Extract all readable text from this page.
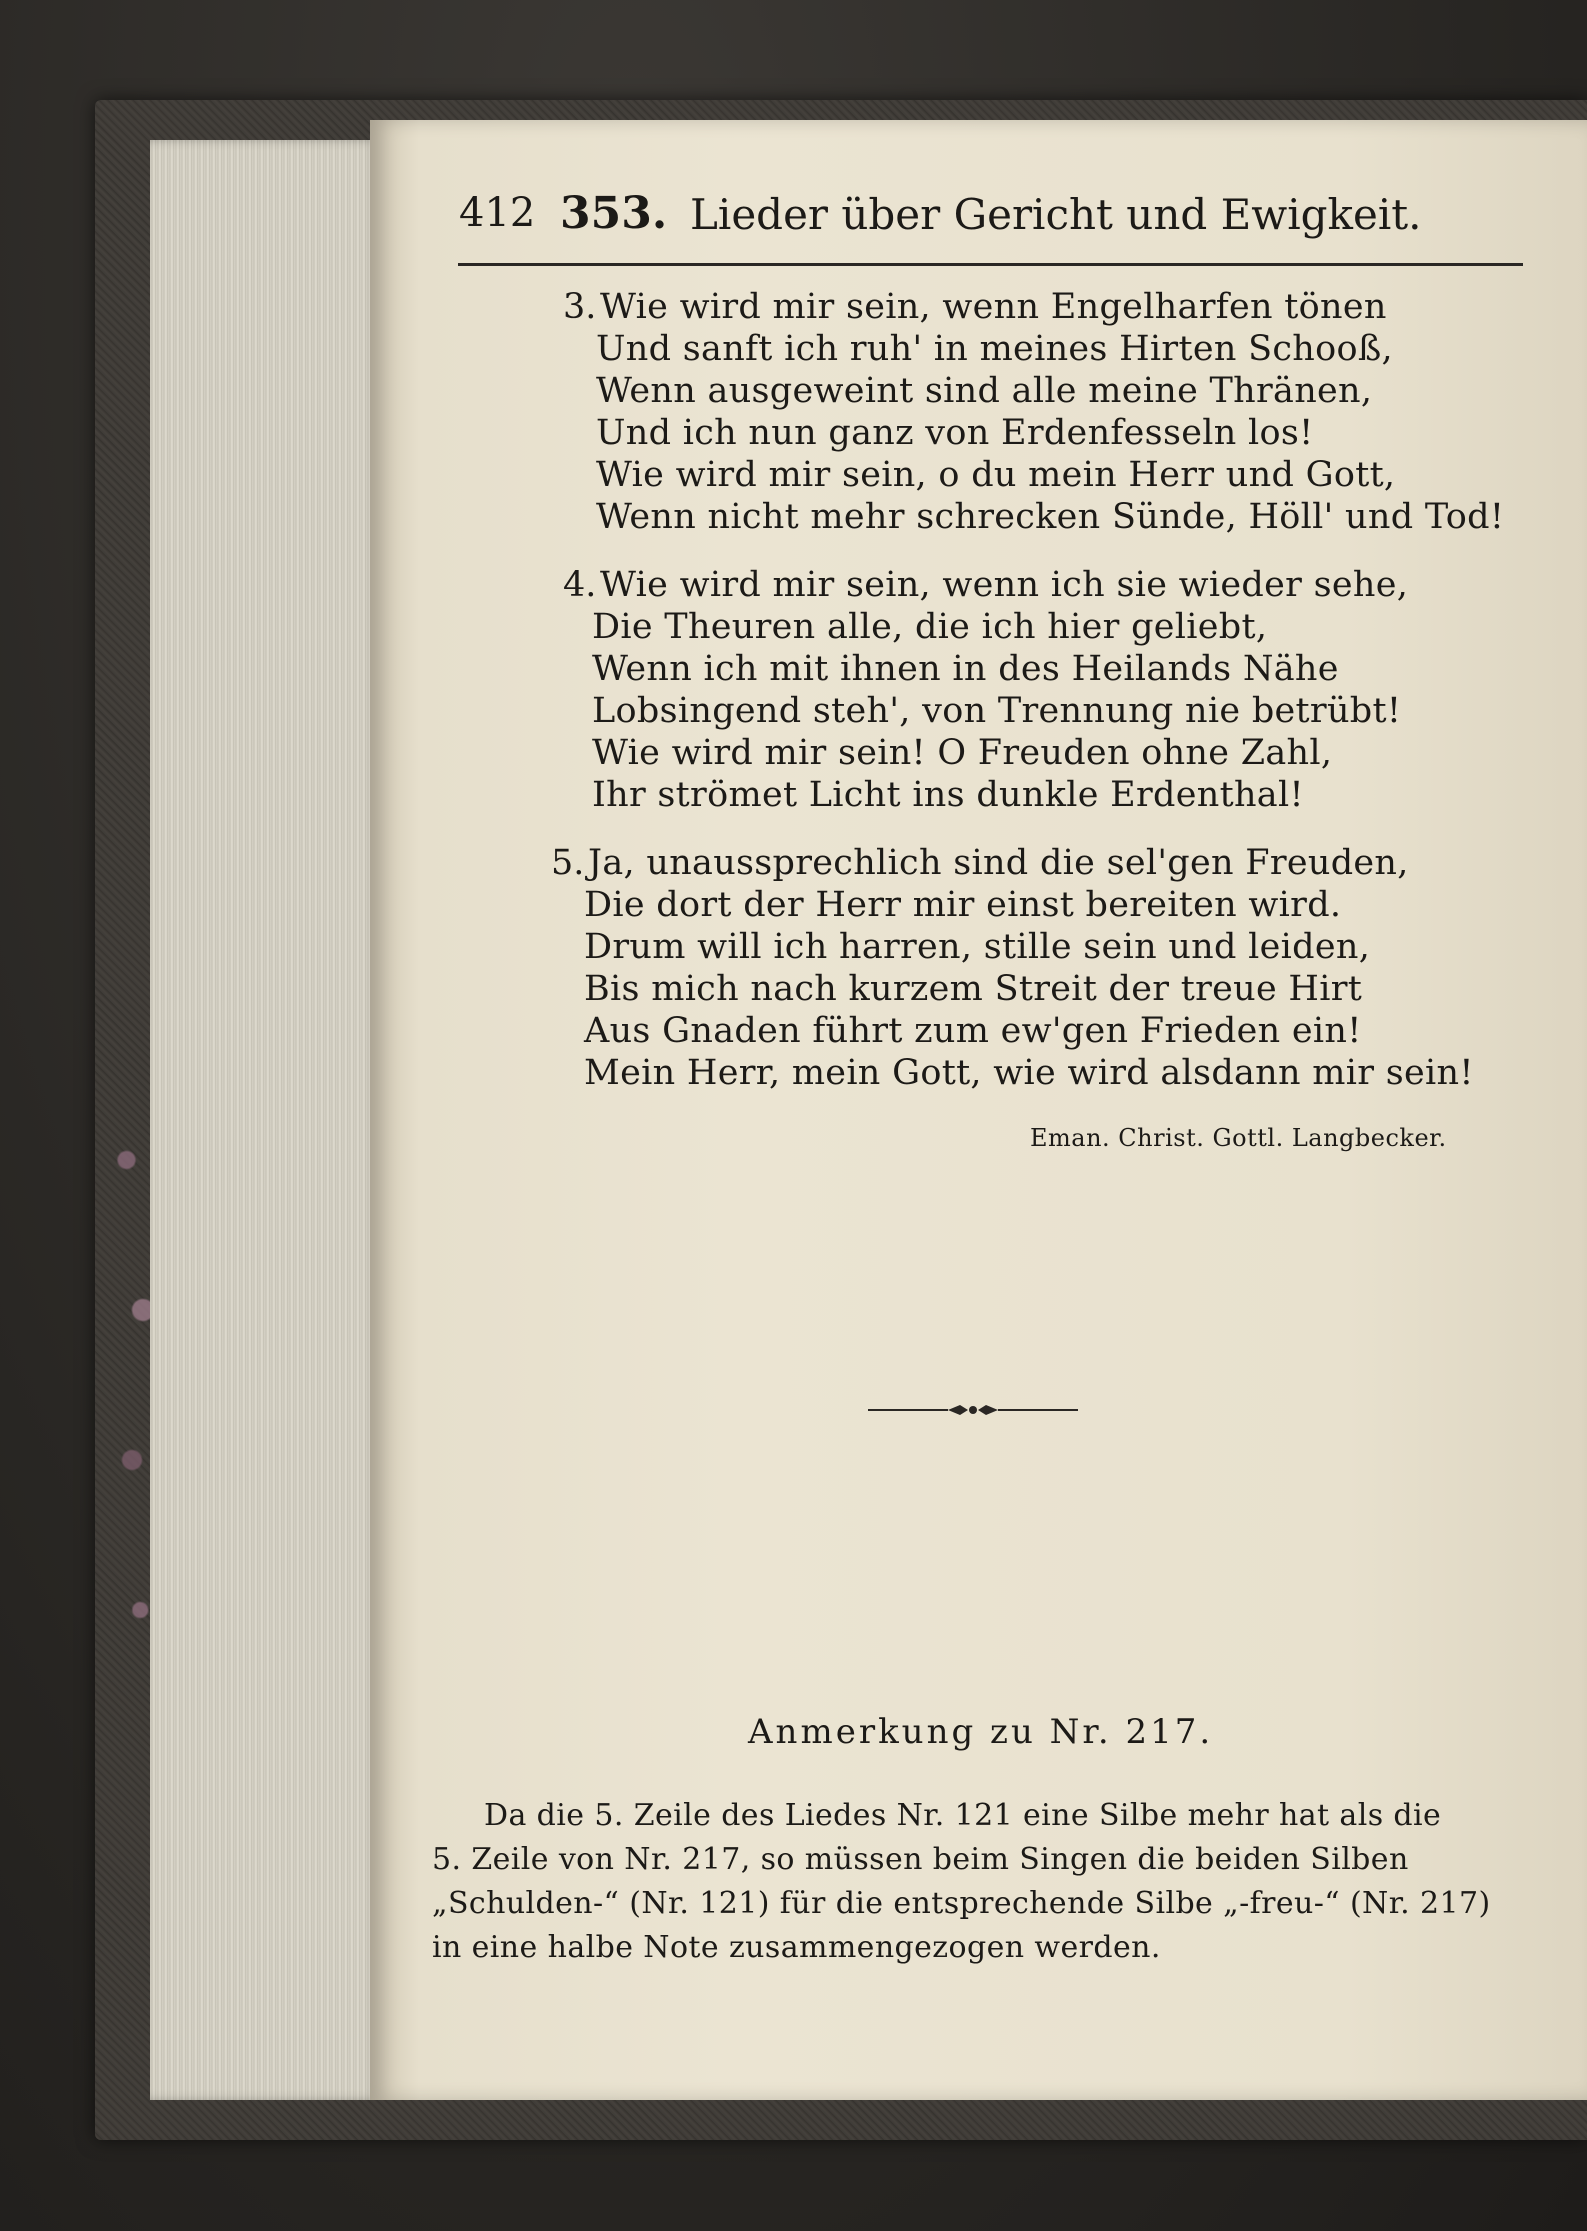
412 353. Lieder über Gericht und Ewigkeit.
3. Wie wird mir sein, wenn Engelharfen tönen
Und sanft ich ruh' in meines Hirten Schooß,
Wenn ausgeweint sind alle meine Thränen,
Und ich nun ganz von Erdenfesseln los!
Wie wird mir sein, o du mein Herr und Gott,
Wenn nicht mehr schrecken Sünde, Höll' und Tod!
4. Wie wird mir sein, wenn ich sie wieder sehe,
Die Theuren alle, die ich hier geliebt,
Wenn ich mit ihnen in des Heilands Nähe
Lobsingend steh', von Trennung nie betrübt!
Wie wird mir sein! O Freuden ohne Zahl,
Ihr strömet Licht ins dunkle Erdenthal!
5. Ja, unaussprechlich sind die sel'gen Freuden,
Die dort der Herr mir einst bereiten wird.
Drum will ich harren, stille sein und leiden,
Bis mich nach kurzem Streit der treue Hirt
Aus Gnaden führt zum ew'gen Frieden ein!
Mein Herr, mein Gott, wie wird alsdann mir sein!
Eman. Christ. Gottl. Langbecker.
Anmerkung zu Nr. 217.
Da die 5. Zeile des Liedes Nr. 121 eine Silbe mehr hat als die
5. Zeile von Nr. 217, so müssen beim Singen die beiden Silben
„Schulden-“ (Nr. 121) für die entsprechende Silbe „-freu-“ (Nr. 217)
in eine halbe Note zusammengezogen werden.
